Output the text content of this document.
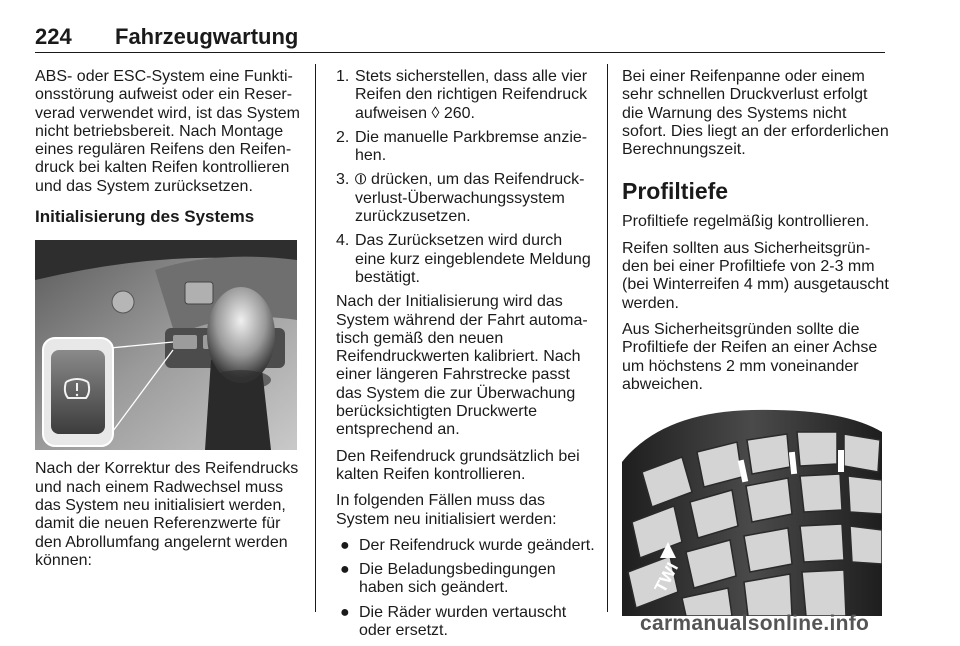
224 Fahrzeugwartung

ABS- oder ESC-System eine Funktionsstörung aufweist oder ein Reserverad verwendet wird, ist das System nicht betriebsbereit. Nach Montage eines regulären Reifens den Reifendruck bei kalten Reifen kontrollieren und das System zurücksetzen.

Initialisierung des Systems

Nach der Korrektur des Reifendrucks und nach einem Radwechsel muss das System neu initialisiert werden, damit die neuen Referenzwerte für den Abrollumfang angelernt werden können:

1. Stets sicherstellen, dass alle vier Reifen den richtigen Reifendruck aufweisen ◊ 260.
2. Die manuelle Parkbremse anziehen.
3. ⦶ drücken, um das Reifendruckverlust-Überwachungssystem zurückzusetzen.
4. Das Zurücksetzen wird durch eine kurz eingeblendete Meldung bestätigt.

Nach der Initialisierung wird das System während der Fahrt automatisch gemäß den neuen Reifendruckwerten kalibriert. Nach einer längeren Fahrstrecke passt das System die zur Überwachung berücksichtigten Druckwerte entsprechend an.

Den Reifendruck grundsätzlich bei kalten Reifen kontrollieren.

In folgenden Fällen muss das System neu initialisiert werden:

● Der Reifendruck wurde geändert.
● Die Beladungsbedingungen haben sich geändert.
● Die Räder wurden vertauscht oder ersetzt.

Bei einer Reifenpanne oder einem sehr schnellen Druckverlust erfolgt die Warnung des Systems nicht sofort. Dies liegt an der erforderlichen Berechnungszeit.

Profiltiefe

Profiltiefe regelmäßig kontrollieren.

Reifen sollten aus Sicherheitsgründen bei einer Profiltiefe von 2-3 mm (bei Winterreifen 4 mm) ausgetauscht werden.

Aus Sicherheitsgründen sollte die Profiltiefe der Reifen an einer Achse um höchstens 2 mm voneinander abweichen.

TWI
carmanualsonline.info
